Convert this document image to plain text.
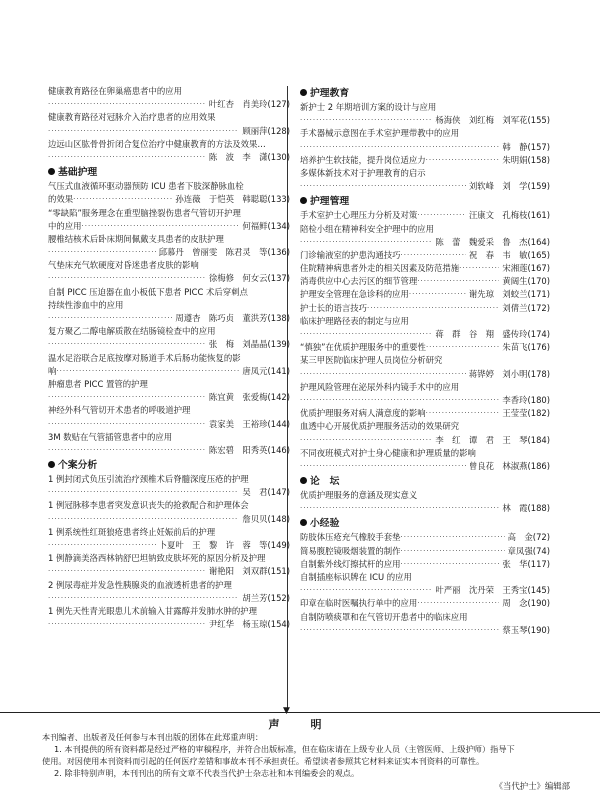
健康教育路径在卵巢癌患者中的应用
·····
叶红杏　肖美玲(127)
健康教育路径对冠脉介入治疗患者的应用效果
·····
顾丽萍(128)
边远山区肱骨骨折闭合复位治疗中健康教育的方法及效果…
·····
陈　波　李　潇(130)
基础护理
气压式血液循环驱动器预防 ICU 患者下肢深静脉血栓
的效果 ·····	孙连薇　于恺英　韩聪聪(133)
“零缺陷”服务理念在重型脑挫裂伤患者气管切开护理
中的应用 ·····	何福鲜(134)
腰椎结核术后卧床期间佩戴支具患者的皮肤护理
·····
邱慕丹　曾丽雯　陈君灵　等(136)
气垫床充气软硬度对昏迷患者皮肤的影响
·····
徐梅修　何女云(137)
自制 PICC 压迫器在血小板低下患者 PICC 术后穿刺点
持续性渗血中的应用
·····
周遵杏　陈巧贞　董洪芳(138)
复方聚乙二醇电解质散在结肠镜检查中的应用
·····
张　梅　刘晶晶(139)
温水足浴联合足底按摩对肠道手术后肠功能恢复的影
响 ·····	唐凤元(141)
肿瘤患者 PICC 置管的护理
·····
陈宜黄　张爱梅(142)
神经外科气管切开术患者的呼吸道护理
·····
袁家美　王裕珍(144)
3M 数贴在气管插管患者中的应用
·····
陈宏碧　阳秀英(146)
个案分析
1 例封闭式负压引流治疗颈椎术后脊髓深度压疮的护理
·····
吴　君(147)
1 例冠脉移李患者突发意识丧失的抢救配合和护理体会
·····
詹贝贝(148)
1 例系统性红斑狼疮患者终止妊娠前后的护理
·····
卜夏叶　王　黎　许　蓉　等(149)
1 例静滴美洛西林钠舒巴坦钠致皮肤坏死的原因分析及护理
·····
谢艳阳　刘双群(151)
2 例尿毒症并发急性胰腺炎的血液透析患者的护理
·····
胡兰芳(152)
1 例先天性青光眼患儿术前输入甘露醇并发肺水肿的护理
·····
尹红华　杨玉琼(154)
▼
护理教育
新护士 2 年期培训方案的设计与应用
·····
杨海侠　刘红梅　刘军花(155)
手术器械示意图在手术室护理带教中的应用
·····
韩　静(157)
培养护生软技能，提升岗位适应力 ·····	朱明娟(158)
多媒体新技术对于护理教育的启示
·····
刘软峰　刘　学(159)
护理管理
手术室护士心理压力分析及对策 ·····	汪康文　孔梅枝(161)
陪检小组在精神科安全护理中的应用
·····
陈　蕾　魏爱采　鲁　杰(164)
门诊输液室的护患沟通技巧 ·····	祝　春　韦　敏(165)
住院精神病患者外走的相关因素及防范措施 ·····	宋湘莲(167)
消毒供应中心去污区的细节管理 ·····	黄阔生(170)
护理安全管理在急诊科的应用 ·····	谢先琼　刘蛟兰(171)
护士长的语言技巧 ·····	刘倩兰(172)
临床护理路径表的制定与应用
·····
蒋　群　谷　翔　盛传玲(174)
“慎独”在优质护理服务中的重要性 ·····	朱苗飞(176)
某三甲医院临床护理人员岗位分析研究
·····
蒋铧婷　刘小明(178)
护理风险管理在泌尿外科内镜手术中的应用
·····
李香玲(180)
优质护理服务对病人满意度的影响 ·····	王莹莹(182)
血透中心开展优质护理服务活动的效果研究
·····
李　红　谭　君　王　琴(184)
不同夜班模式对护士身心健康和护理质量的影响
·····
曾良花　林淑燕(186)
论　坛
优质护理服务的意涵及现实意义
·····
林　霞(188)
小经验
防肢体压疮充气橡胶手套垫 ·····	高　金(72)
简易腹腔镜吸烟装置的制作 ·····	章凤强(74)
自制紫外线灯擦拭杆的应用 ·····	张　华(117)
自制插座标识牌在 ICU 的应用
·····
叶严丽　沈丹荣　王秀宝(145)
印章在临时医嘱执行单中的应用 ·····	周　念(190)
自制防喷痰罩和在气管切开患者中的临床应用
·····
蔡玉琴(190)
声　明
本刊编者、出版者及任何参与本刊出版的团体在此郑重声明：
1. 本刊提供的所有资料都是经过严格的审稿程序，并符合出版标准，但在临床请在上级专业人员（主管医师、上级护师）指导下
使用。对因使用本刊资料而引起的任何医疗差错和事故本刊不承担责任。希望读者参照其它材料来证实本刊资料的可靠性。
2. 除非特别声明，本刊刊出的所有文章不代表当代护士杂志社和本刊编委会的观点。
《当代护士》编辑部
